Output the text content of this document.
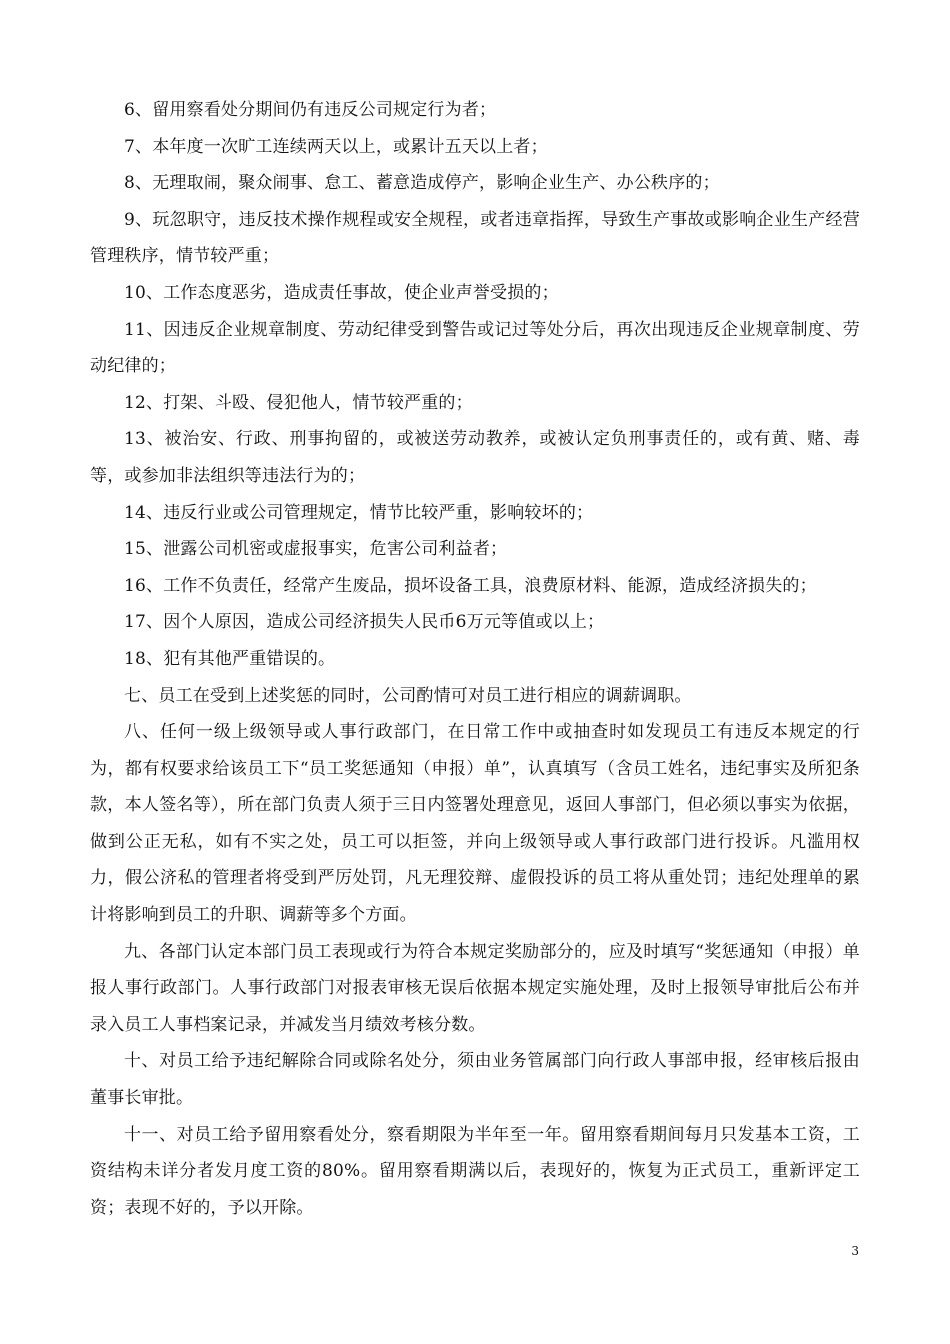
6、留用察看处分期间仍有违反公司规定行为者；

7、本年度一次旷工连续两天以上，或累计五天以上者；

8、无理取闹，聚众闹事、怠工、蓄意造成停产，影响企业生产、办公秩序的；

9、玩忽职守，违反技术操作规程或安全规程，或者违章指挥，导致生产事故或影响企业生产经营管理秩序，情节较严重；

10、工作态度恶劣，造成责任事故，使企业声誉受损的；

11、因违反企业规章制度、劳动纪律受到警告或记过等处分后，再次出现违反企业规章制度、劳动纪律的；

12、打架、斗殴、侵犯他人，情节较严重的；

13、被治安、行政、刑事拘留的，或被送劳动教养，或被认定负刑事责任的，或有黄、赌、毒等，或参加非法组织等违法行为的；

14、违反行业或公司管理规定，情节比较严重，影响较坏的；

15、泄露公司机密或虚报事实，危害公司利益者；

16、工作不负责任，经常产生废品，损坏设备工具，浪费原材料、能源，造成经济损失的；

17、因个人原因，造成公司经济损失人民币6万元等值或以上；

18、犯有其他严重错误的。

七、员工在受到上述奖惩的同时，公司酌情可对员工进行相应的调薪调职。

八、任何一级上级领导或人事行政部门，在日常工作中或抽查时如发现员工有违反本规定的行为，都有权要求给该员工下“员工奖惩通知（申报）单”，认真填写（含员工姓名，违纪事实及所犯条款，本人签名等），所在部门负责人须于三日内签署处理意见，返回人事部门，但必须以事实为依据，做到公正无私，如有不实之处，员工可以拒签，并向上级领导或人事行政部门进行投诉。凡滥用权力，假公济私的管理者将受到严厉处罚，凡无理狡辩、虚假投诉的员工将从重处罚；违纪处理单的累计将影响到员工的升职、调薪等多个方面。

九、各部门认定本部门员工表现或行为符合本规定奖励部分的，应及时填写“奖惩通知（申报）单报人事行政部门。人事行政部门对报表审核无误后依据本规定实施处理，及时上报领导审批后公布并录入员工人事档案记录，并减发当月绩效考核分数。

十、对员工给予违纪解除合同或除名处分，须由业务管属部门向行政人事部申报，经审核后报由董事长审批。

十一、对员工给予留用察看处分，察看期限为半年至一年。留用察看期间每月只发基本工资，工资结构未详分者发月度工资的80%。留用察看期满以后，表现好的，恢复为正式员工，重新评定工资；表现不好的，予以开除。

3
